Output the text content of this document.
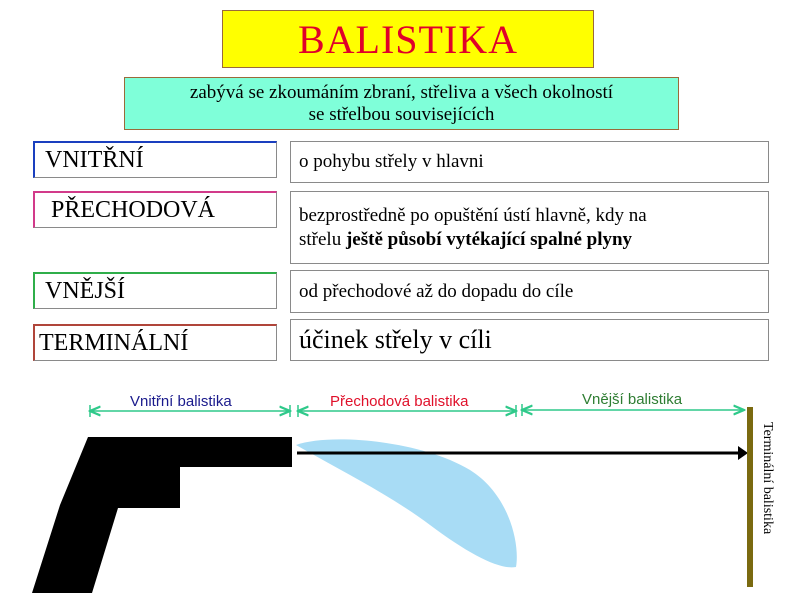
BALISTIKA
zabývá se zkoumáním zbraní, střeliva a všech okolností
se střelbou souvisejících
VNITŘNÍ
PŘECHODOVÁ
VNĚJŠÍ
TERMINÁLNÍ
o pohybu střely v hlavni
bezprostředně po opuštění ústí hlavně, kdy na
střelu ještě působí vytékající spalné plyny
od přechodové až do dopadu do cíle
účinek střely v cíli
Vnitřní balistika	Přechodová balistika	Vnější balistika
Terminální balistika
